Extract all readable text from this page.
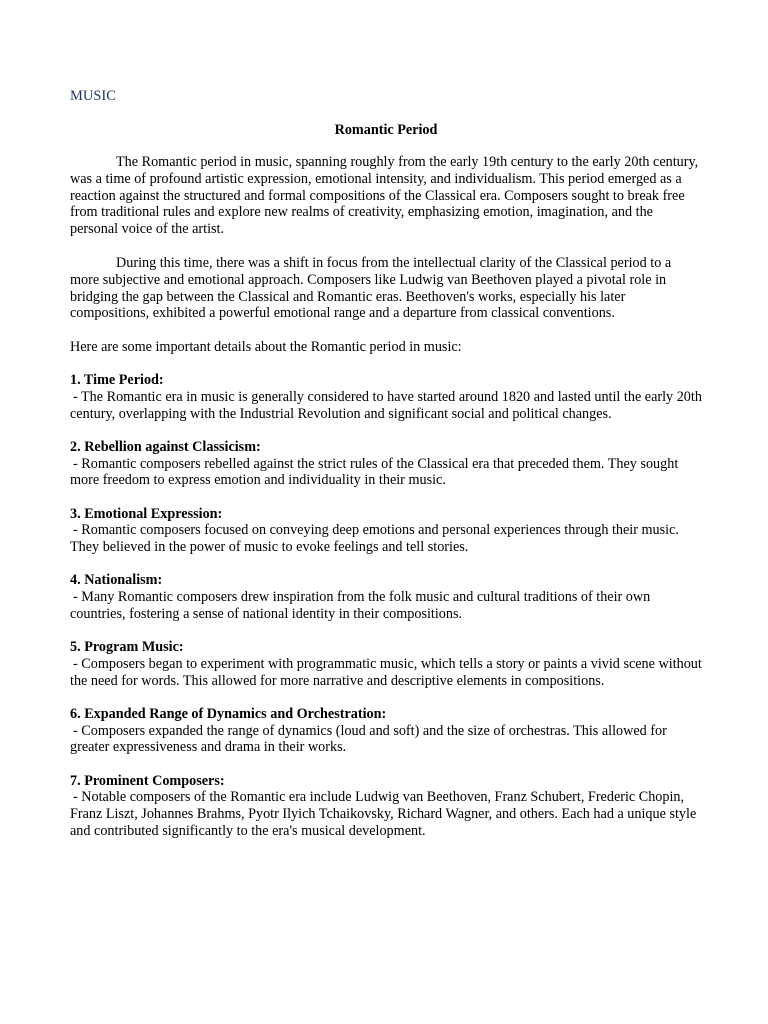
MUSIC

Romantic Period

The Romantic period in music, spanning roughly from the early 19th century to the early 20th century, was a time of profound artistic expression, emotional intensity, and individualism. This period emerged as a reaction against the structured and formal compositions of the Classical era. Composers sought to break free from traditional rules and explore new realms of creativity, emphasizing emotion, imagination, and the personal voice of the artist.

During this time, there was a shift in focus from the intellectual clarity of the Classical period to a more subjective and emotional approach. Composers like Ludwig van Beethoven played a pivotal role in bridging the gap between the Classical and Romantic eras. Beethoven's works, especially his later compositions, exhibited a powerful emotional range and a departure from classical conventions.

Here are some important details about the Romantic period in music:

1. Time Period:
- The Romantic era in music is generally considered to have started around 1820 and lasted until the early 20th century, overlapping with the Industrial Revolution and significant social and political changes.
2. Rebellion against Classicism:
- Romantic composers rebelled against the strict rules of the Classical era that preceded them. They sought more freedom to express emotion and individuality in their music.
3. Emotional Expression:
- Romantic composers focused on conveying deep emotions and personal experiences through their music. They believed in the power of music to evoke feelings and tell stories.
4. Nationalism:
- Many Romantic composers drew inspiration from the folk music and cultural traditions of their own countries, fostering a sense of national identity in their compositions.
5. Program Music:
- Composers began to experiment with programmatic music, which tells a story or paints a vivid scene without the need for words. This allowed for more narrative and descriptive elements in compositions.
6. Expanded Range of Dynamics and Orchestration:
- Composers expanded the range of dynamics (loud and soft) and the size of orchestras. This allowed for greater expressiveness and drama in their works.
7. Prominent Composers:
- Notable composers of the Romantic era include Ludwig van Beethoven, Franz Schubert, Frederic Chopin, Franz Liszt, Johannes Brahms, Pyotr Ilyich Tchaikovsky, Richard Wagner, and others. Each had a unique style and contributed significantly to the era's musical development.
